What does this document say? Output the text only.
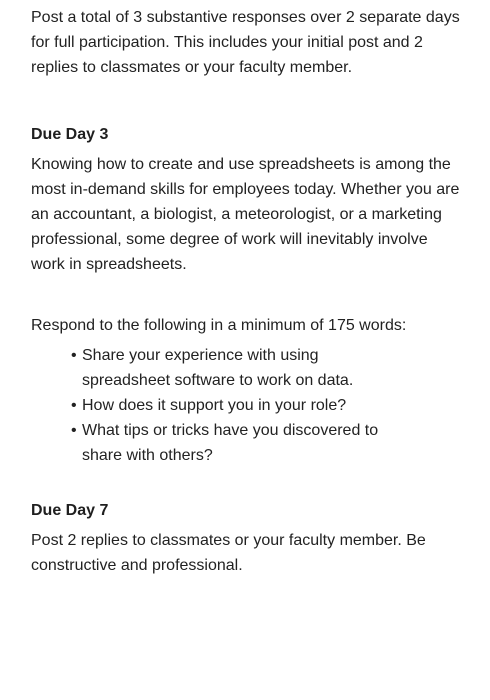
Post a total of 3 substantive responses over 2 separate days for full participation. This includes your initial post and 2 replies to classmates or your faculty member.

Due Day 3

Knowing how to create and use spreadsheets is among the most in-demand skills for employees today. Whether you are an accountant, a biologist, a meteorologist, or a marketing professional, some degree of work will inevitably involve work in spreadsheets.

Respond to the following in a minimum of 175 words:

• Share your experience with using spreadsheet software to work on data.
• How does it support you in your role?
• What tips or tricks have you discovered to share with others?
Due Day 7

Post 2 replies to classmates or your faculty member. Be constructive and professional.
